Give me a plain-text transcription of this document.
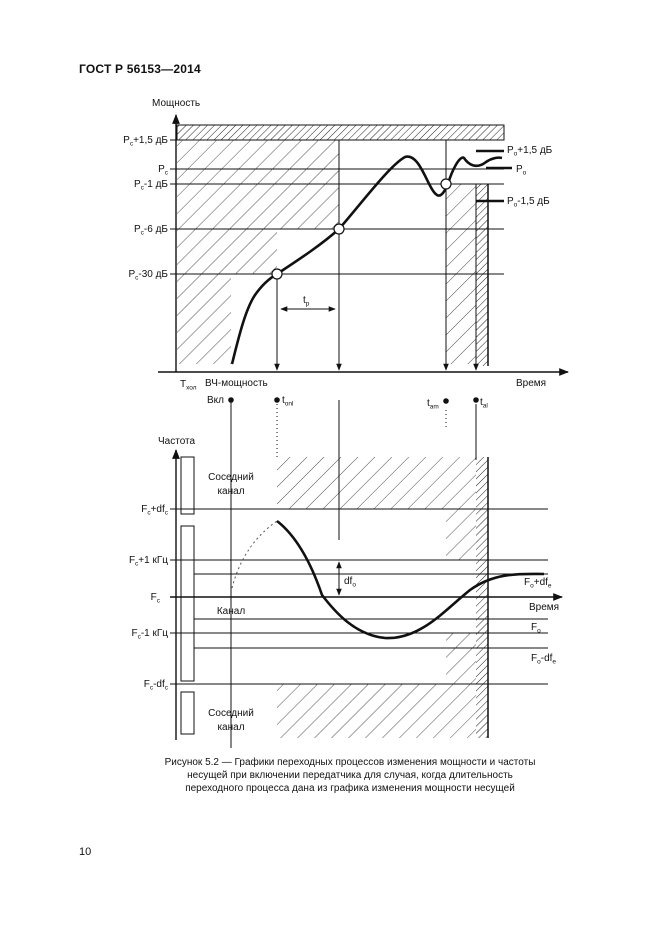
ГОСТ Р 56153—2014
Мощность
$P_c+1,5$ дБ
$P_c$
$P_c-1$ дБ
$P_c-6$ дБ
$P_c-30$ дБ
$P_o+1,5$ дБ
$P_o$
$P_o-1,5$ дБ
$t_p$
Время
$T_{хол}$ ВЧ-мощность
Вкл	$t_{onl}$	$t_{am}$	$t_{al}$
$df_o$
Частота
Время
Соседний
канал
Соседний
канал
Канал
$F_c+df_c$
$F_c+1$ кГц
$F_c$
$F_c-1$ кГц
$F_c-df_c$
$F_o+df_e$
$F_o$
$F_o-df_e$
Рисунок 5.2 — Графики переходных процессов изменения мощности и частоты
несущей при включении передатчика для случая, когда длительность
переходного процесса дана из графика изменения мощности несущей
10
